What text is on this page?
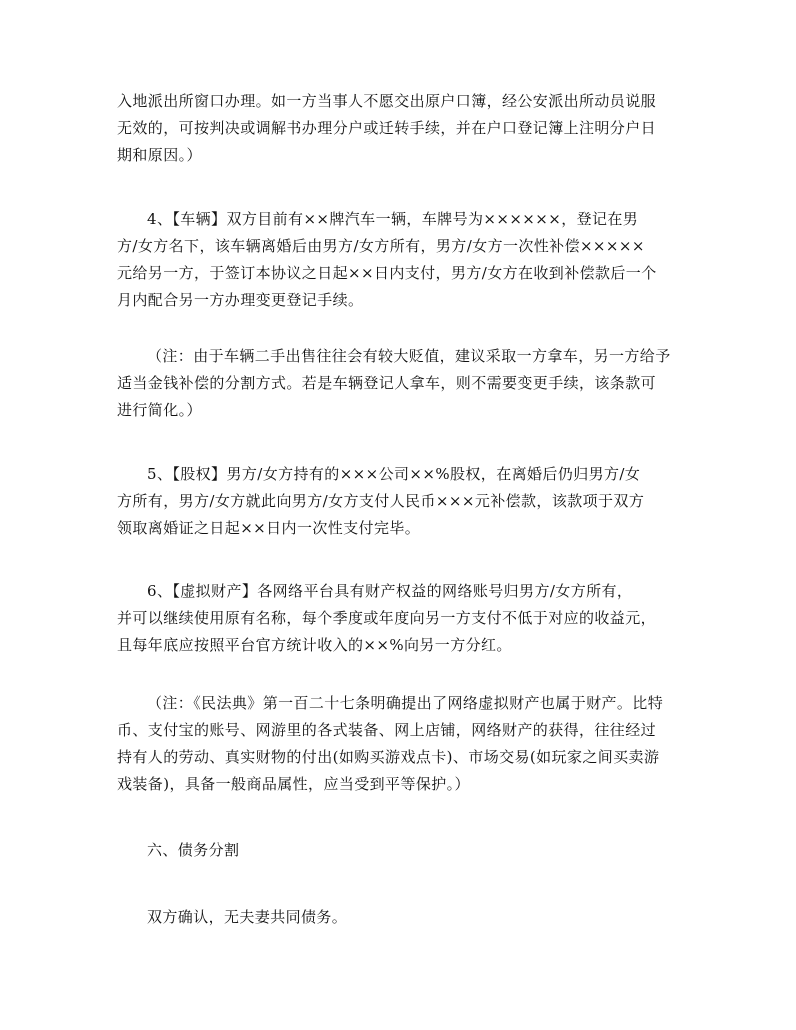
入地派出所窗口办理。如一方当事人不愿交出原户口簿，经公安派出所动员说服
无效的，可按判决或调解书办理分户或迁转手续，并在户口登记簿上注明分户日
期和原因。）

4、【车辆】双方目前有××牌汽车一辆，车牌号为××××××，登记在男
方/女方名下，该车辆离婚后由男方/女方所有，男方/女方一次性补偿×××××
元给另一方，于签订本协议之日起××日内支付，男方/女方在收到补偿款后一个
月内配合另一方办理变更登记手续。

（注：由于车辆二手出售往往会有较大贬值，建议采取一方拿车，另一方给予
适当金钱补偿的分割方式。若是车辆登记人拿车，则不需要变更手续，该条款可
进行简化。）

5、【股权】男方/女方持有的×××公司××%股权，在离婚后仍归男方/女
方所有，男方/女方就此向男方/女方支付人民币×××元补偿款，该款项于双方
领取离婚证之日起××日内一次性支付完毕。

6、【虚拟财产】各网络平台具有财产权益的网络账号归男方/女方所有，
并可以继续使用原有名称，每个季度或年度向另一方支付不低于对应的收益元，
且每年底应按照平台官方统计收入的××%向另一方分红。

（注：《民法典》第一百二十七条明确提出了网络虚拟财产也属于财产。比特
币、支付宝的账号、网游里的各式装备、网上店铺，网络财产的获得，往往经过
持有人的劳动、真实财物的付出(如购买游戏点卡)、市场交易(如玩家之间买卖游
戏装备)，具备一般商品属性，应当受到平等保护。）

六、债务分割

双方确认，无夫妻共同债务。
